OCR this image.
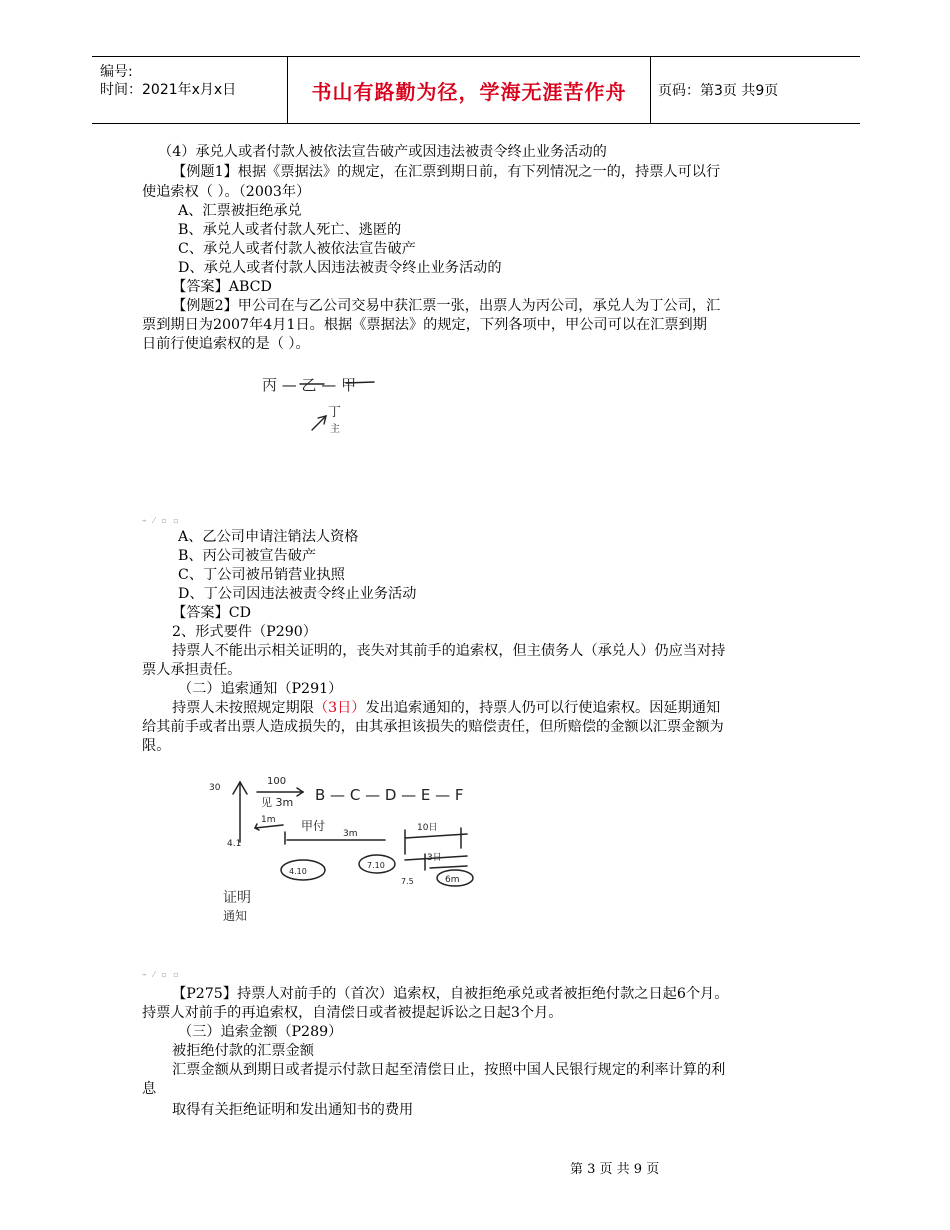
编号:
时间：2021年x月x日	书山有路勤为径，学海无涯苦作舟	页码：第3页 共9页
（4）承兑人或者付款人被依法宣告破产或因违法被责令终止业务活动的
【例题1】根据《票据法》的规定，在汇票到期日前，有下列情况之一的，持票人可以行
使追索权（ ）。（2003年）
A、汇票被拒绝承兑
B、承兑人或者付款人死亡、逃匿的
C、承兑人或者付款人被依法宣告破产
D、承兑人或者付款人因违法被责令终止业务活动的
【答案】ABCD
【例题2】甲公司在与乙公司交易中获汇票一张，出票人为丙公司，承兑人为丁公司，汇
票到期日为2007年4月1日。根据《票据法》的规定，下列各项中，甲公司可以在汇票到期
日前行使追索权的是（ ）。
丙 — 乙 — 甲
丁
主
⌁ ⁄ ▫ ▫
A、乙公司申请注销法人资格
B、丙公司被宣告破产
C、丁公司被吊销营业执照
D、丁公司因违法被责令终止业务活动
【答案】CD
2、形式要件（P290）
持票人不能出示相关证明的，丧失对其前手的追索权，但主债务人（承兑人）仍应当对持
票人承担责任。
（二）追索通知（P291）
持票人未按照规定期限（3日）发出追索通知的，持票人仍可以行使追索权。因延期通知
给其前手或者出票人造成损失的，由其承担该损失的赔偿责任，但所赔偿的金额以汇票金额为
限。
30
4.1
100
B — C — D — E — F
见 3m
1m 甲付
3m
10日
3日
4.10
7.10
7.5	6m
证明
通知
⌁ ⁄ ▫ ▫
【P275】持票人对前手的（首次）追索权，自被拒绝承兑或者被拒绝付款之日起6个月。
持票人对前手的再追索权，自清偿日或者被提起诉讼之日起3个月。
（三）追索金额（P289）
被拒绝付款的汇票金额
汇票金额从到期日或者提示付款日起至清偿日止，按照中国人民银行规定的利率计算的利
息
取得有关拒绝证明和发出通知书的费用
第 3 页 共 9 页
